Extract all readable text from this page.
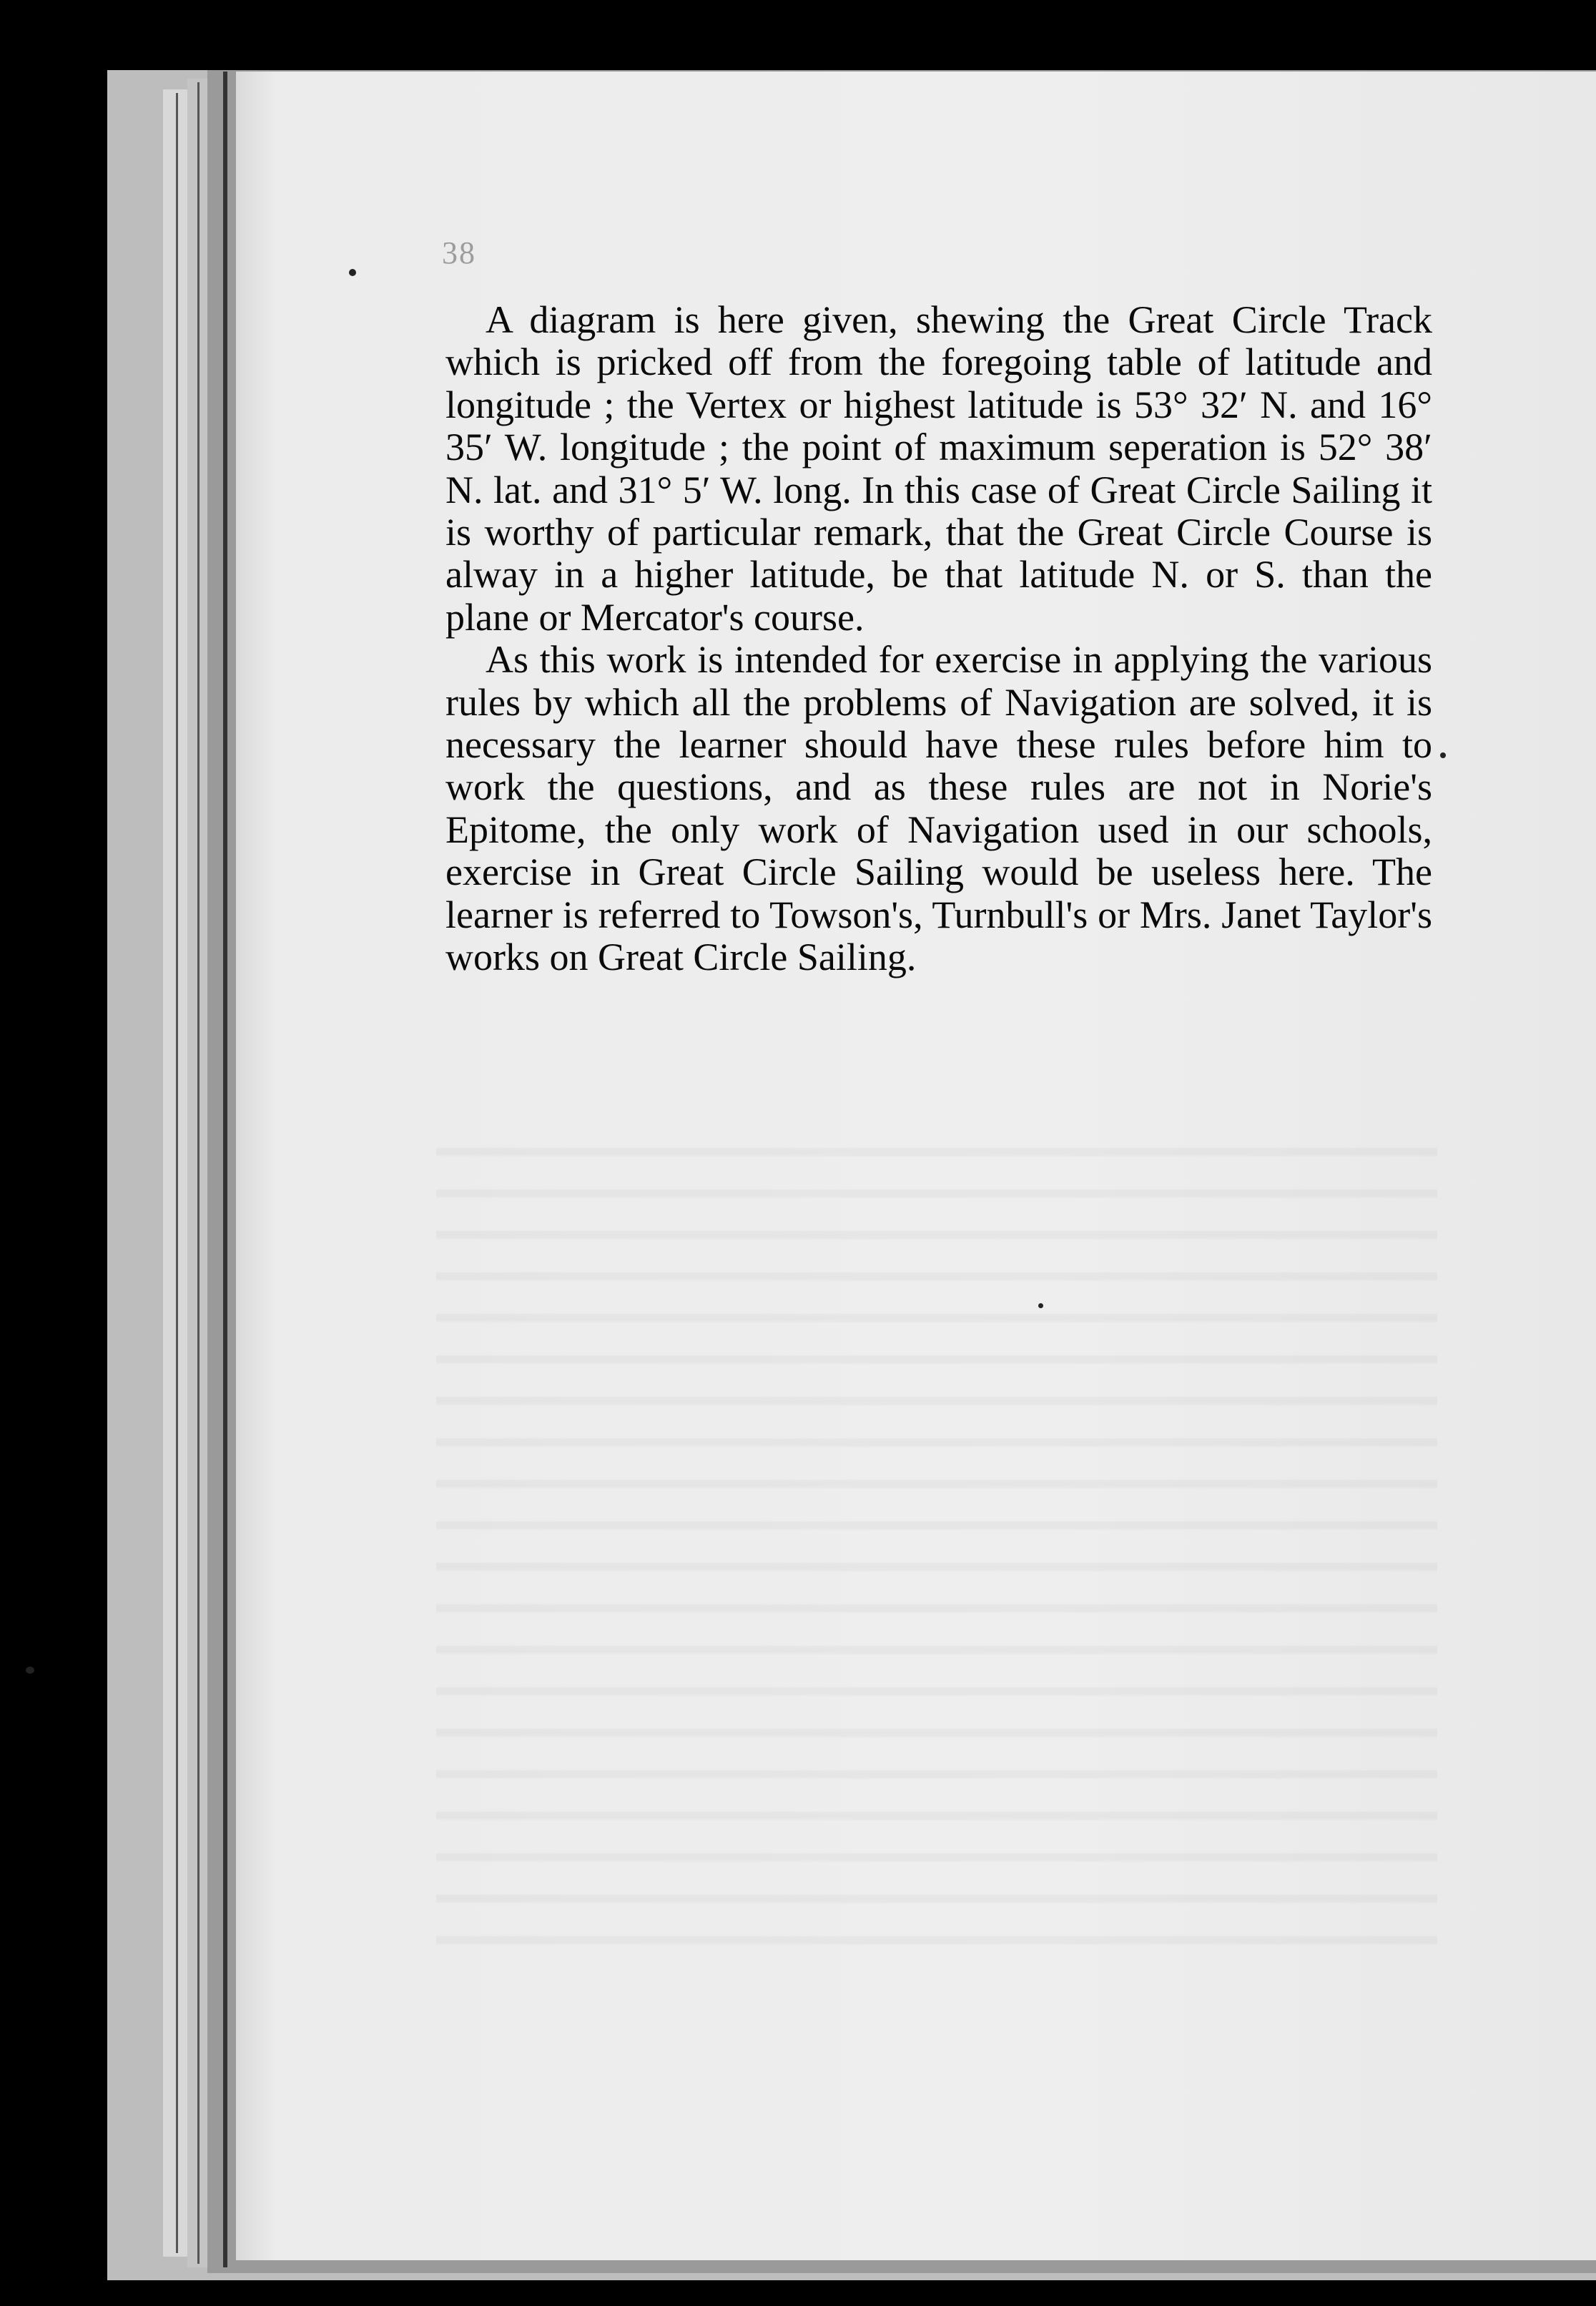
38

A diagram is here given, shewing the Great Circle Track which is pricked off from the foregoing table of latitude and longitude ; the Vertex or highest latitude is 53° 32′ N. and 16° 35′ W. longitude ; the point of maximum seperation is 52° 38′ N. lat. and 31° 5′ W. long. In this case of Great Circle Sailing it is worthy of particular remark, that the Great Circle Course is alway in a higher latitude, be that latitude N. or S. than the plane or Mercator's course.

As this work is intended for exercise in applying the various rules by which all the problems of Navigation are solved, it is necessary the learner should have these rules before him to work the questions, and as these rules are not in Norie's Epitome, the only work of Navigation used in our schools, exercise in Great Circle Sailing would be useless here. The learner is referred to Towson's, Turnbull's or Mrs. Janet Taylor's works on Great Circle Sailing.
